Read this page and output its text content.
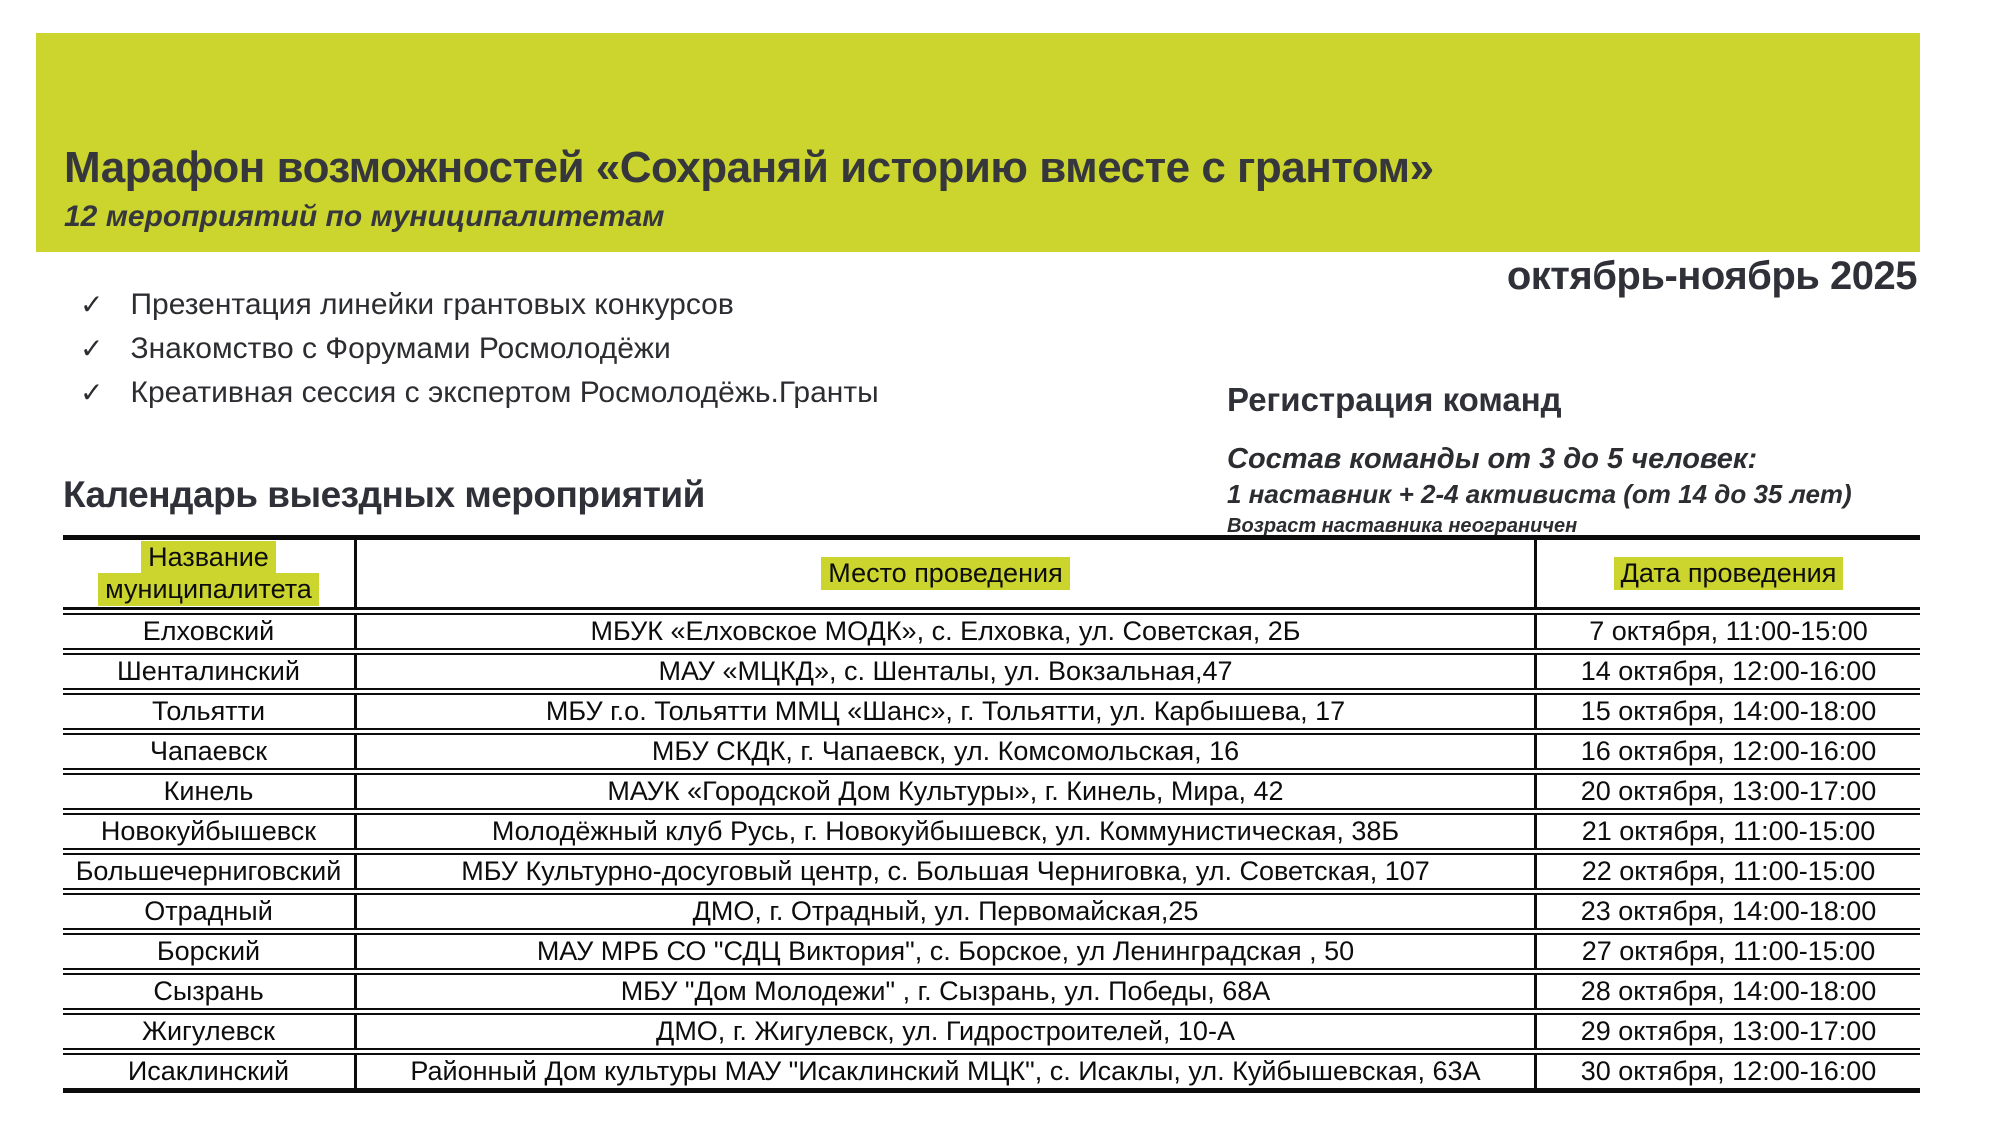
Марафон возможностей «Сохраняй историю вместе с грантом»
12 мероприятий по муниципалитетам
октябрь-ноябрь 2025
✓ Презентация линейки грантовых конкурсов
✓ Знакомство с Форумами Росмолодёжи
✓ Креативная сессия с экспертом Росмолодёжь.Гранты	Регистрация команд
Состав команды от 3 до 5 человек:
1 наставник + 2-4 активиста (от 14 до 35 лет)
Возраст наставника неограничен
Календарь выездных мероприятий
Название
муниципалитета	Место проведения	Дата проведения
Елховский	МБУК «Елховское МОДК», с. Елховка, ул. Советская, 2Б	7 октября, 11:00-15:00
Шенталинский	МАУ «МЦКД», с. Шенталы, ул. Вокзальная,47	14 октября, 12:00-16:00
Тольятти	МБУ г.о. Тольятти ММЦ «Шанс», г. Тольятти, ул. Карбышева, 17	15 октября, 14:00-18:00
Чапаевск	МБУ СКДК, г. Чапаевск, ул. Комсомольская, 16	16 октября, 12:00-16:00
Кинель	МАУК «Городской Дом Культуры», г. Кинель, Мира, 42	20 октября, 13:00-17:00
Новокуйбышевск	Молодёжный клуб Русь, г. Новокуйбышевск, ул. Коммунистическая, 38Б	21 октября, 11:00-15:00
Большечерниговский	МБУ Культурно-досуговый центр, с. Большая Черниговка, ул. Советская, 107	22 октября, 11:00-15:00
Отрадный	ДМО, г. Отрадный, ул. Первомайская,25	23 октября, 14:00-18:00
Борский	МАУ МРБ СО "СДЦ Виктория", с. Борское, ул Ленинградская , 50	27 октября, 11:00-15:00
Сызрань	МБУ "Дом Молодежи" , г. Сызрань, ул. Победы, 68А	28 октября, 14:00-18:00
Жигулевск	ДМО, г. Жигулевск, ул. Гидростроителей, 10-А	29 октября, 13:00-17:00
Исаклинский	Районный Дом культуры МАУ "Исаклинский МЦК", с. Исаклы, ул. Куйбышевская, 63А	30 октября, 12:00-16:00
